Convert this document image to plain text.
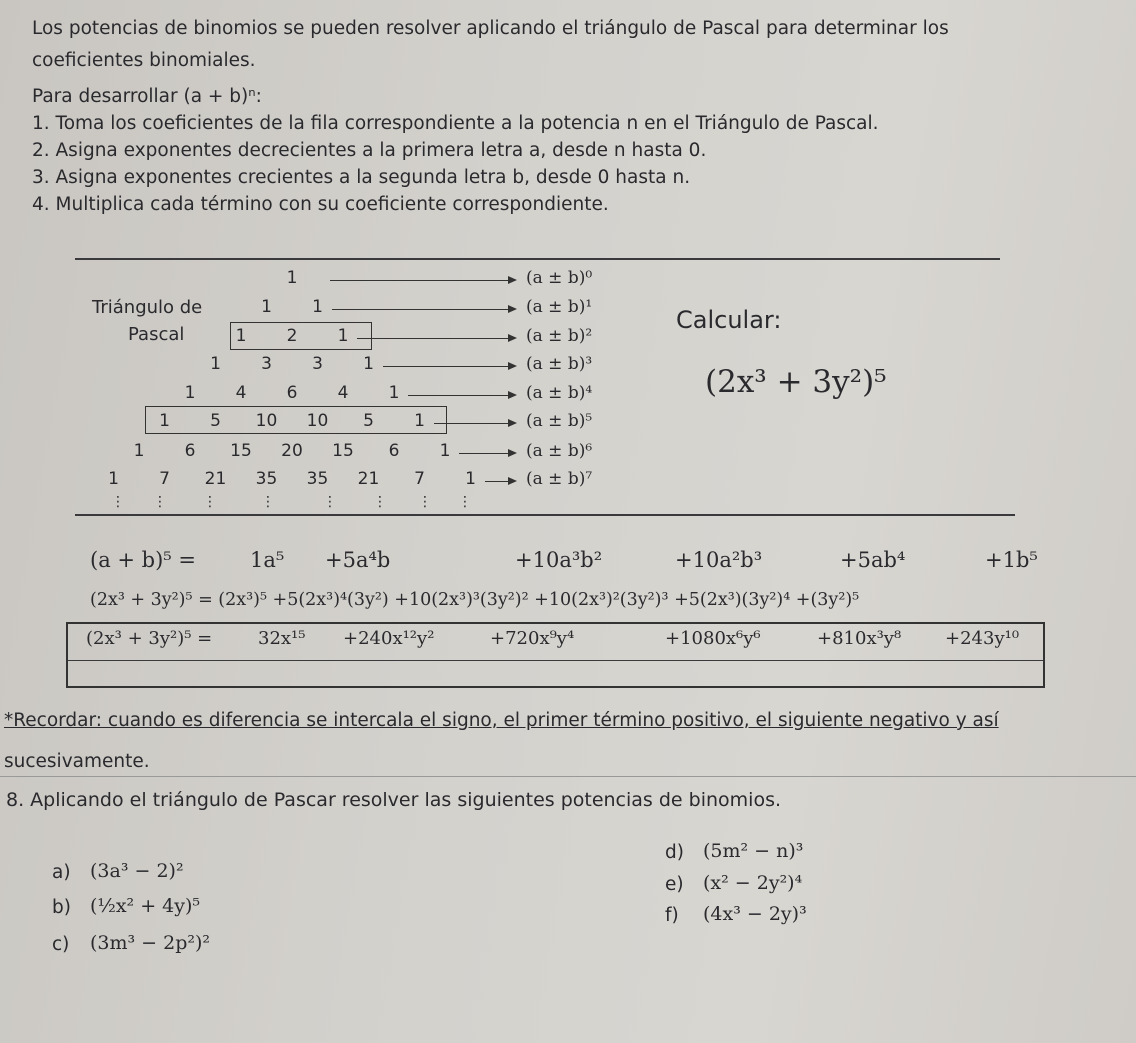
Los potencias de binomios se pueden resolver aplicando el triángulo de Pascal para determinar los
coeficientes binomiales.
Para desarrollar (a + b)ⁿ:
1. Toma los coeficientes de la fila correspondiente a la potencia n en el Triángulo de Pascal.
2. Asigna exponentes decrecientes a la primera letra a, desde n hasta 0.
3. Asigna exponentes crecientes a la segunda letra b, desde 0 hasta n.
4. Multiplica cada término con su coeficiente correspondiente.
Triángulo de
Pascal
1	(a ± b)⁰
1 1	(a ± b)¹
1 2 1	(a ± b)²
1 3 3 1	(a ± b)³
1 4 6 4 1	(a ± b)⁴
1 5 10 10 5 1	(a ± b)⁵
1 6 15 20 15 6 1	(a ± b)⁶
1 7 21 35 35 21 7 1	(a ± b)⁷
⋮ ⋮	⋮	⋮	⋮	⋮ ⋮ ⋮
Calcular:
(2x³ + 3y²)⁵
(a + b)⁵ =	1a⁵ +5a⁴b	+10a³b²	+10a²b³	+5ab⁴	+1b⁵
(2x³ + 3y²)⁵ = (2x³)⁵ +5(2x³)⁴(3y²) +10(2x³)³(3y²)² +10(2x³)²(3y²)³ +5(2x³)(3y²)⁴ +(3y²)⁵
(2x³ + 3y²)⁵ =	32x¹⁵ +240x¹²y²	+720x⁹y⁴	+1080x⁶y⁶	+810x³y⁸ +243y¹⁰
*Recordar: cuando es diferencia se intercala el signo, el primer término positivo, el siguiente negativo y así
sucesivamente.
8. Aplicando el triángulo de Pascar resolver las siguientes potencias de binomios.
a) (3a³ − 2)²
b) (½x² + 4y)⁵
c) (3m³ − 2p²)²
d) (5m² − n)³
e) (x² − 2y²)⁴
f) (4x³ − 2y)³
